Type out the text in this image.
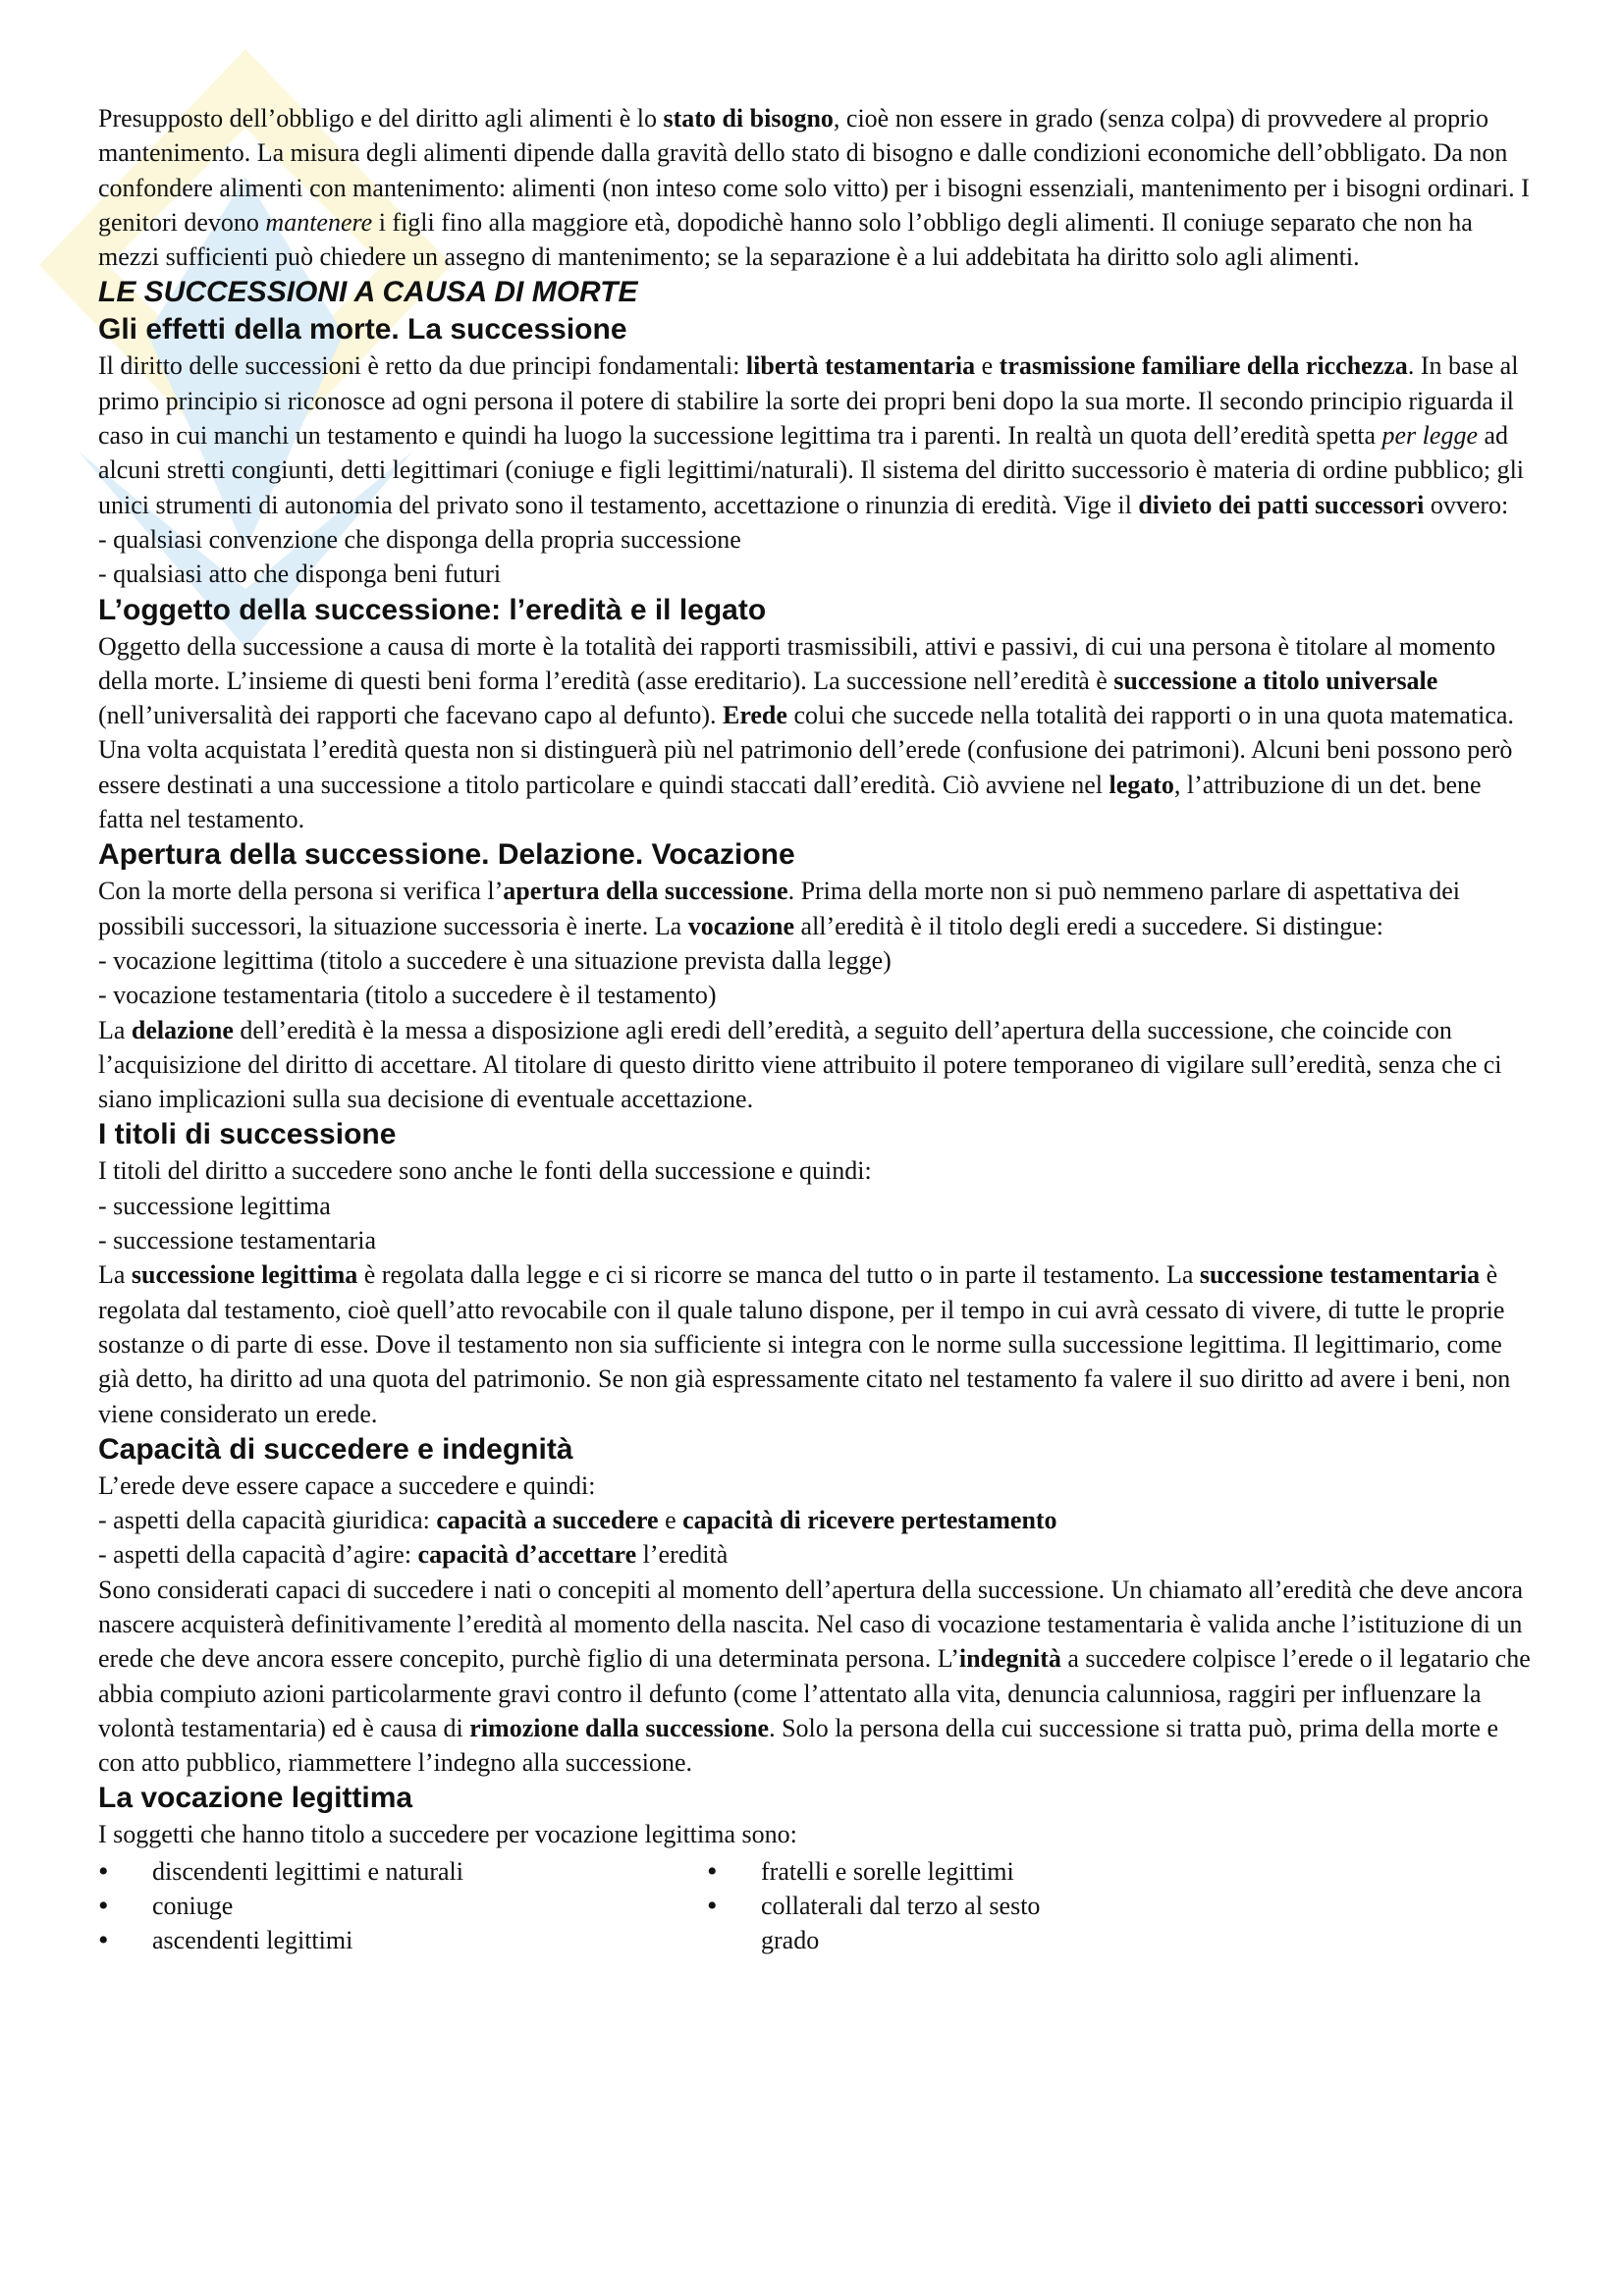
Presupposto dell’obbligo e del diritto agli alimenti è lo stato di bisogno, cioè non essere in grado (senza colpa) di provvedere al proprio mantenimento. La misura degli alimenti dipende dalla gravità dello stato di bisogno e dalle condizioni economiche dell’obbligato. Da non confondere alimenti con mantenimento: alimenti (non inteso come solo vitto) per i bisogni essenziali, mantenimento per i bisogni ordinari. I genitori devono mantenere i figli fino alla maggiore età, dopodichè hanno solo l’obbligo degli alimenti. Il coniuge separato che non ha mezzi sufficienti può chiedere un assegno di mantenimento; se la separazione è a lui addebitata ha diritto solo agli alimenti.

LE SUCCESSIONI A CAUSA DI MORTE
Gli effetti della morte. La successione

Il diritto delle successioni è retto da due principi fondamentali: libertà testamentaria e trasmissione familiare della ricchezza. In base al primo principio si riconosce ad ogni persona il potere di stabilire la sorte dei propri beni dopo la sua morte. Il secondo principio riguarda il caso in cui manchi un testamento e quindi ha luogo la successione legittima tra i parenti. In realtà un quota dell’eredità spetta per legge ad alcuni stretti congiunti, detti legittimari (coniuge e figli legittimi/naturali). Il sistema del diritto successorio è materia di ordine pubblico; gli unici strumenti di autonomia del privato sono il testamento, accettazione o rinunzia di eredità. Vige il divieto dei patti successori ovvero:

- qualsiasi convenzione che disponga della propria successione

- qualsiasi atto che disponga beni futuri

L’oggetto della successione: l’eredità e il legato

Oggetto della successione a causa di morte è la totalità dei rapporti trasmissibili, attivi e passivi, di cui una persona è titolare al momento della morte. L’insieme di questi beni forma l’eredità (asse ereditario). La successione nell’eredità è successione a titolo universale (nell’universalità dei rapporti che facevano capo al defunto). Erede colui che succede nella totalità dei rapporti o in una quota matematica. Una volta acquistata l’eredità questa non si distinguerà più nel patrimonio dell’erede (confusione dei patrimoni). Alcuni beni possono però essere destinati a una successione a titolo particolare e quindi staccati dall’eredità. Ciò avviene nel legato, l’attribuzione di un det. bene fatta nel testamento.

Apertura della successione. Delazione. Vocazione

Con la morte della persona si verifica l’apertura della successione. Prima della morte non si può nemmeno parlare di aspettativa dei possibili successori, la situazione successoria è inerte. La vocazione all’eredità è il titolo degli eredi a succedere. Si distingue:

- vocazione legittima (titolo a succedere è una situazione prevista dalla legge)

- vocazione testamentaria (titolo a succedere è il testamento)

La delazione dell’eredità è la messa a disposizione agli eredi dell’eredità, a seguito dell’apertura della successione, che coincide con l’acquisizione del diritto di accettare. Al titolare di questo diritto viene attribuito il potere temporaneo di vigilare sull’eredità, senza che ci siano implicazioni sulla sua decisione di eventuale accettazione.

I titoli di successione

I titoli del diritto a succedere sono anche le fonti della successione e quindi:

- successione legittima

- successione testamentaria

La successione legittima è regolata dalla legge e ci si ricorre se manca del tutto o in parte il testamento. La successione testamentaria è regolata dal testamento, cioè quell’atto revocabile con il quale taluno dispone, per il tempo in cui avrà cessato di vivere, di tutte le proprie sostanze o di parte di esse. Dove il testamento non sia sufficiente si integra con le norme sulla successione legittima. Il legittimario, come già detto, ha diritto ad una quota del patrimonio. Se non già espressamente citato nel testamento fa valere il suo diritto ad avere i beni, non viene considerato un erede.

Capacità di succedere e indegnità

L’erede deve essere capace a succedere e quindi:

- aspetti della capacità giuridica: capacità a succedere e capacità di ricevere pertestamento

- aspetti della capacità d’agire: capacità d’accettare l’eredità

Sono considerati capaci di succedere i nati o concepiti al momento dell’apertura della successione. Un chiamato all’eredità che deve ancora nascere acquisterà definitivamente l’eredità al momento della nascita. Nel caso di vocazione testamentaria è valida anche l’istituzione di un erede che deve ancora essere concepito, purchè figlio di una determinata persona. L’indegnità a succedere colpisce l’erede o il legatario che abbia compiuto azioni particolarmente gravi contro il defunto (come l’attentato alla vita, denuncia calunniosa, raggiri per influenzare la volontà testamentaria) ed è causa di rimozione dalla successione. Solo la persona della cui successione si tratta può, prima della morte e con atto pubblico, riammettere l’indegno alla successione.

La vocazione legittima

I soggetti che hanno titolo a succedere per vocazione legittima sono:

• discendenti legittimi e naturali
• coniuge
• ascendenti legittimi
• fratelli e sorelle legittimi
• collaterali dal terzo al sesto grado
